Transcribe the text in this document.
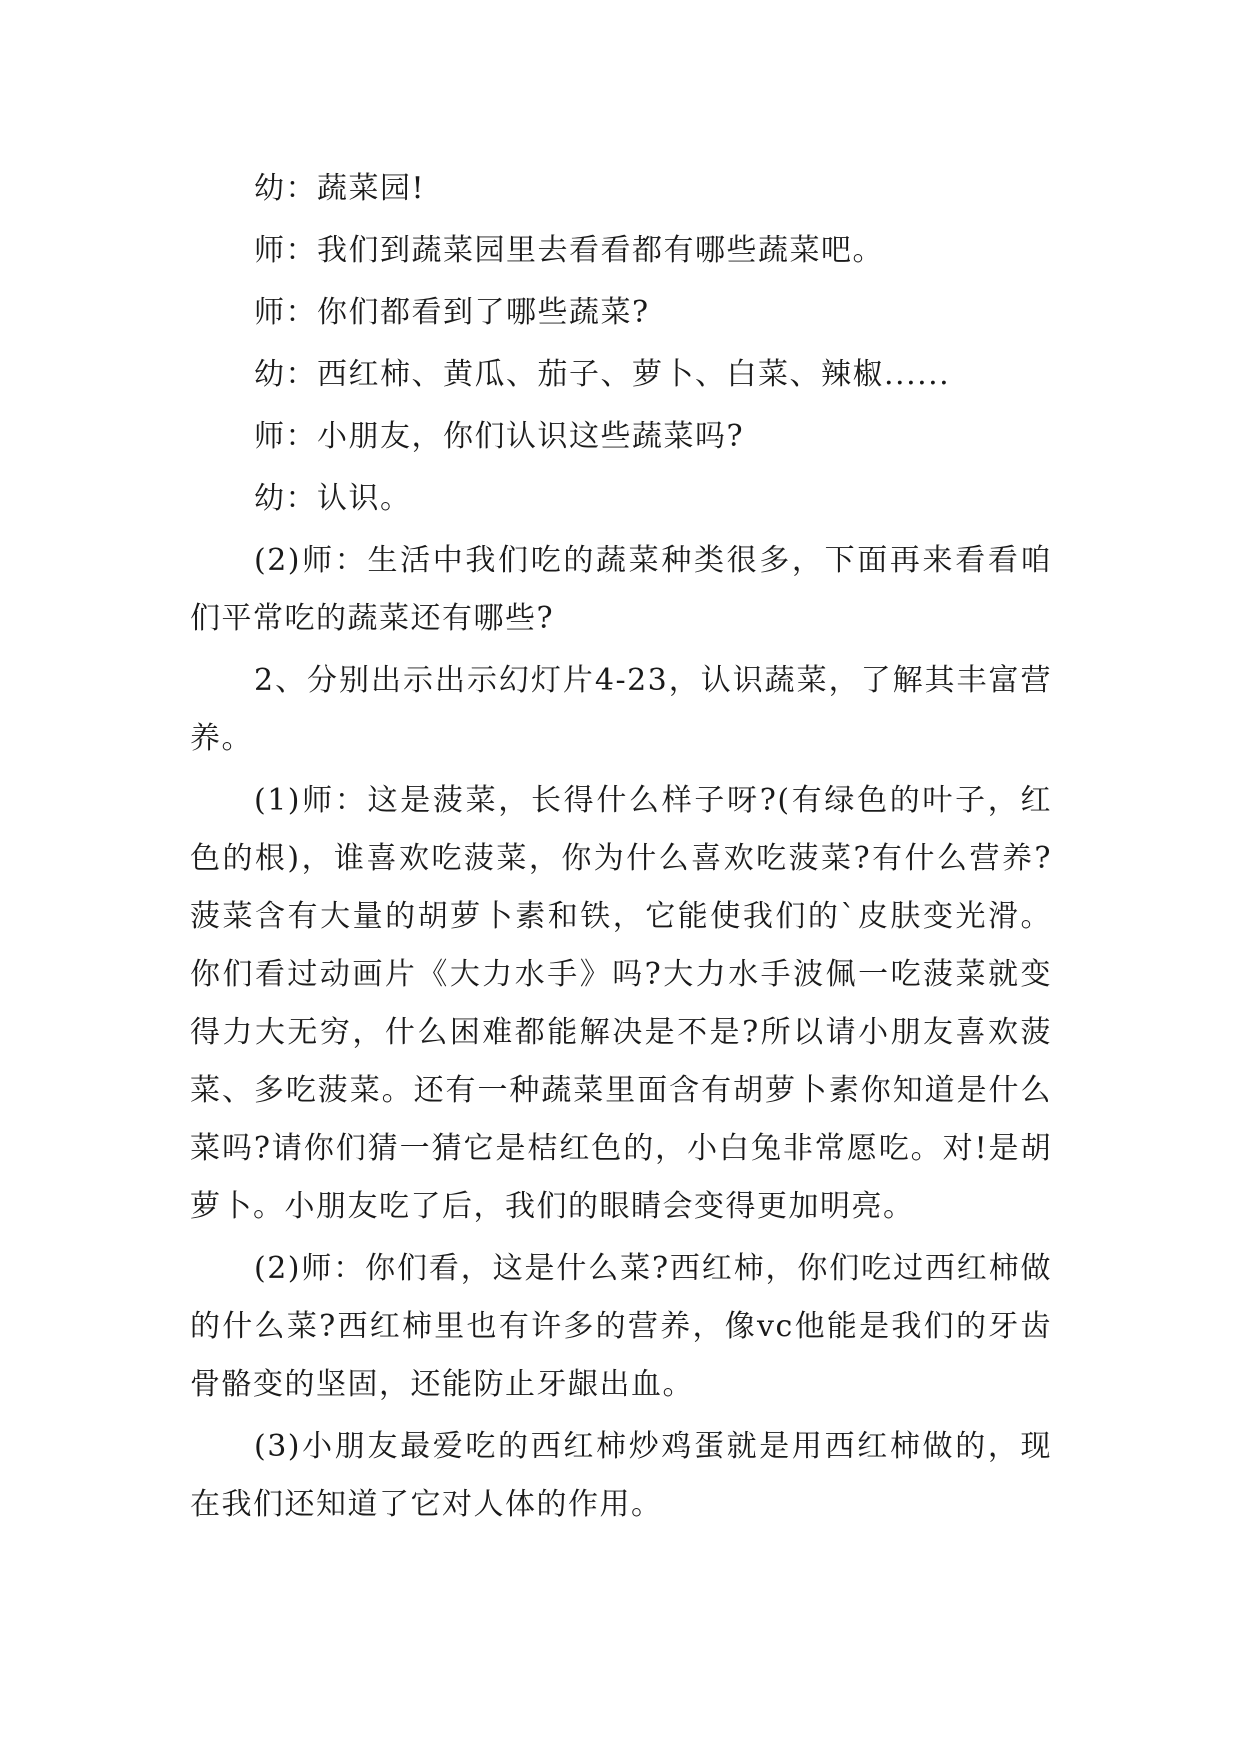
幼：蔬菜园!

师：我们到蔬菜园里去看看都有哪些蔬菜吧。

师：你们都看到了哪些蔬菜?

幼：西红柿、黄瓜、茄子、萝卜、白菜、辣椒......

师：小朋友，你们认识这些蔬菜吗?

幼：认识。

(2)师：生活中我们吃的蔬菜种类很多，下面再来看看咱们平常吃的蔬菜还有哪些?

2、分别出示出示幻灯片4-23，认识蔬菜，了解其丰富营养。

(1)师：这是菠菜，长得什么样子呀?(有绿色的叶子，红色的根)，谁喜欢吃菠菜，你为什么喜欢吃菠菜?有什么营养?菠菜含有大量的胡萝卜素和铁，它能使我们的`皮肤变光滑。你们看过动画片《大力水手》吗?大力水手波佩一吃菠菜就变得力大无穷，什么困难都能解决是不是?所以请小朋友喜欢菠菜、多吃菠菜。还有一种蔬菜里面含有胡萝卜素你知道是什么菜吗?请你们猜一猜它是桔红色的，小白兔非常愿吃。对!是胡萝卜。小朋友吃了后，我们的眼睛会变得更加明亮。

(2)师：你们看，这是什么菜?西红柿，你们吃过西红柿做的什么菜?西红柿里也有许多的营养，像vc他能是我们的牙齿骨骼变的坚固，还能防止牙龈出血。

(3)小朋友最爱吃的西红柿炒鸡蛋就是用西红柿做的，现在我们还知道了它对人体的作用。
